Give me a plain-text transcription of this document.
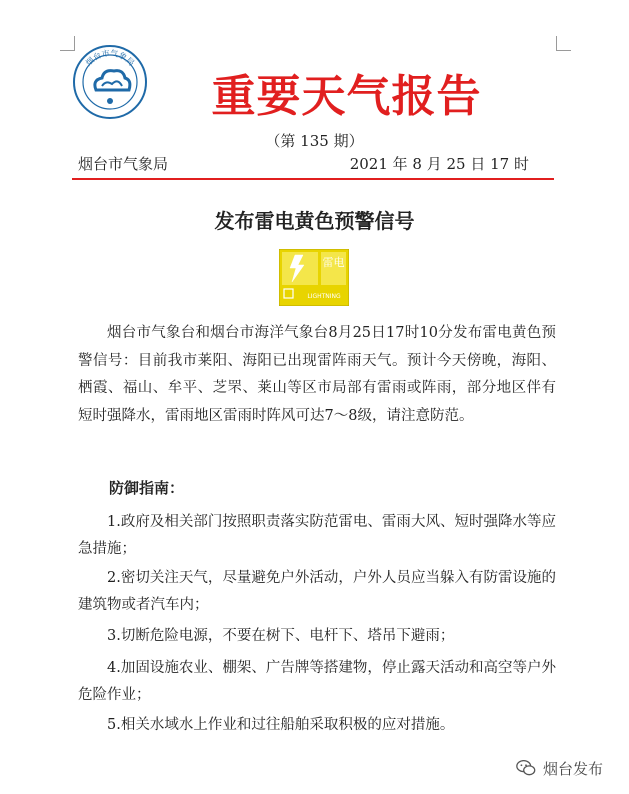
烟台市气象局
重要天气报告
（第 135 期）
烟台市气象局	2021 年 8 月 25 日 17 时
发布雷电黄色预警信号
雷电
LIGHTNING

烟台市气象台和烟台市海洋气象台8月25日17时10分发布雷电黄色预警信号：目前我市莱阳、海阳已出现雷阵雨天气。预计今天傍晚，海阳、栖霞、福山、牟平、芝罘、莱山等区市局部有雷雨或阵雨，部分地区伴有短时强降水，雷雨地区雷雨时阵风可达7～8级，请注意防范。

防御指南：

1.政府及相关部门按照职责落实防范雷电、雷雨大风、短时强降水等应急措施；

2.密切关注天气，尽量避免户外活动，户外人员应当躲入有防雷设施的建筑物或者汽车内；

3.切断危险电源，不要在树下、电杆下、塔吊下避雨；

4.加固设施农业、棚架、广告牌等搭建物，停止露天活动和高空等户外危险作业；

5.相关水域水上作业和过往船舶采取积极的应对措施。

烟台发布
